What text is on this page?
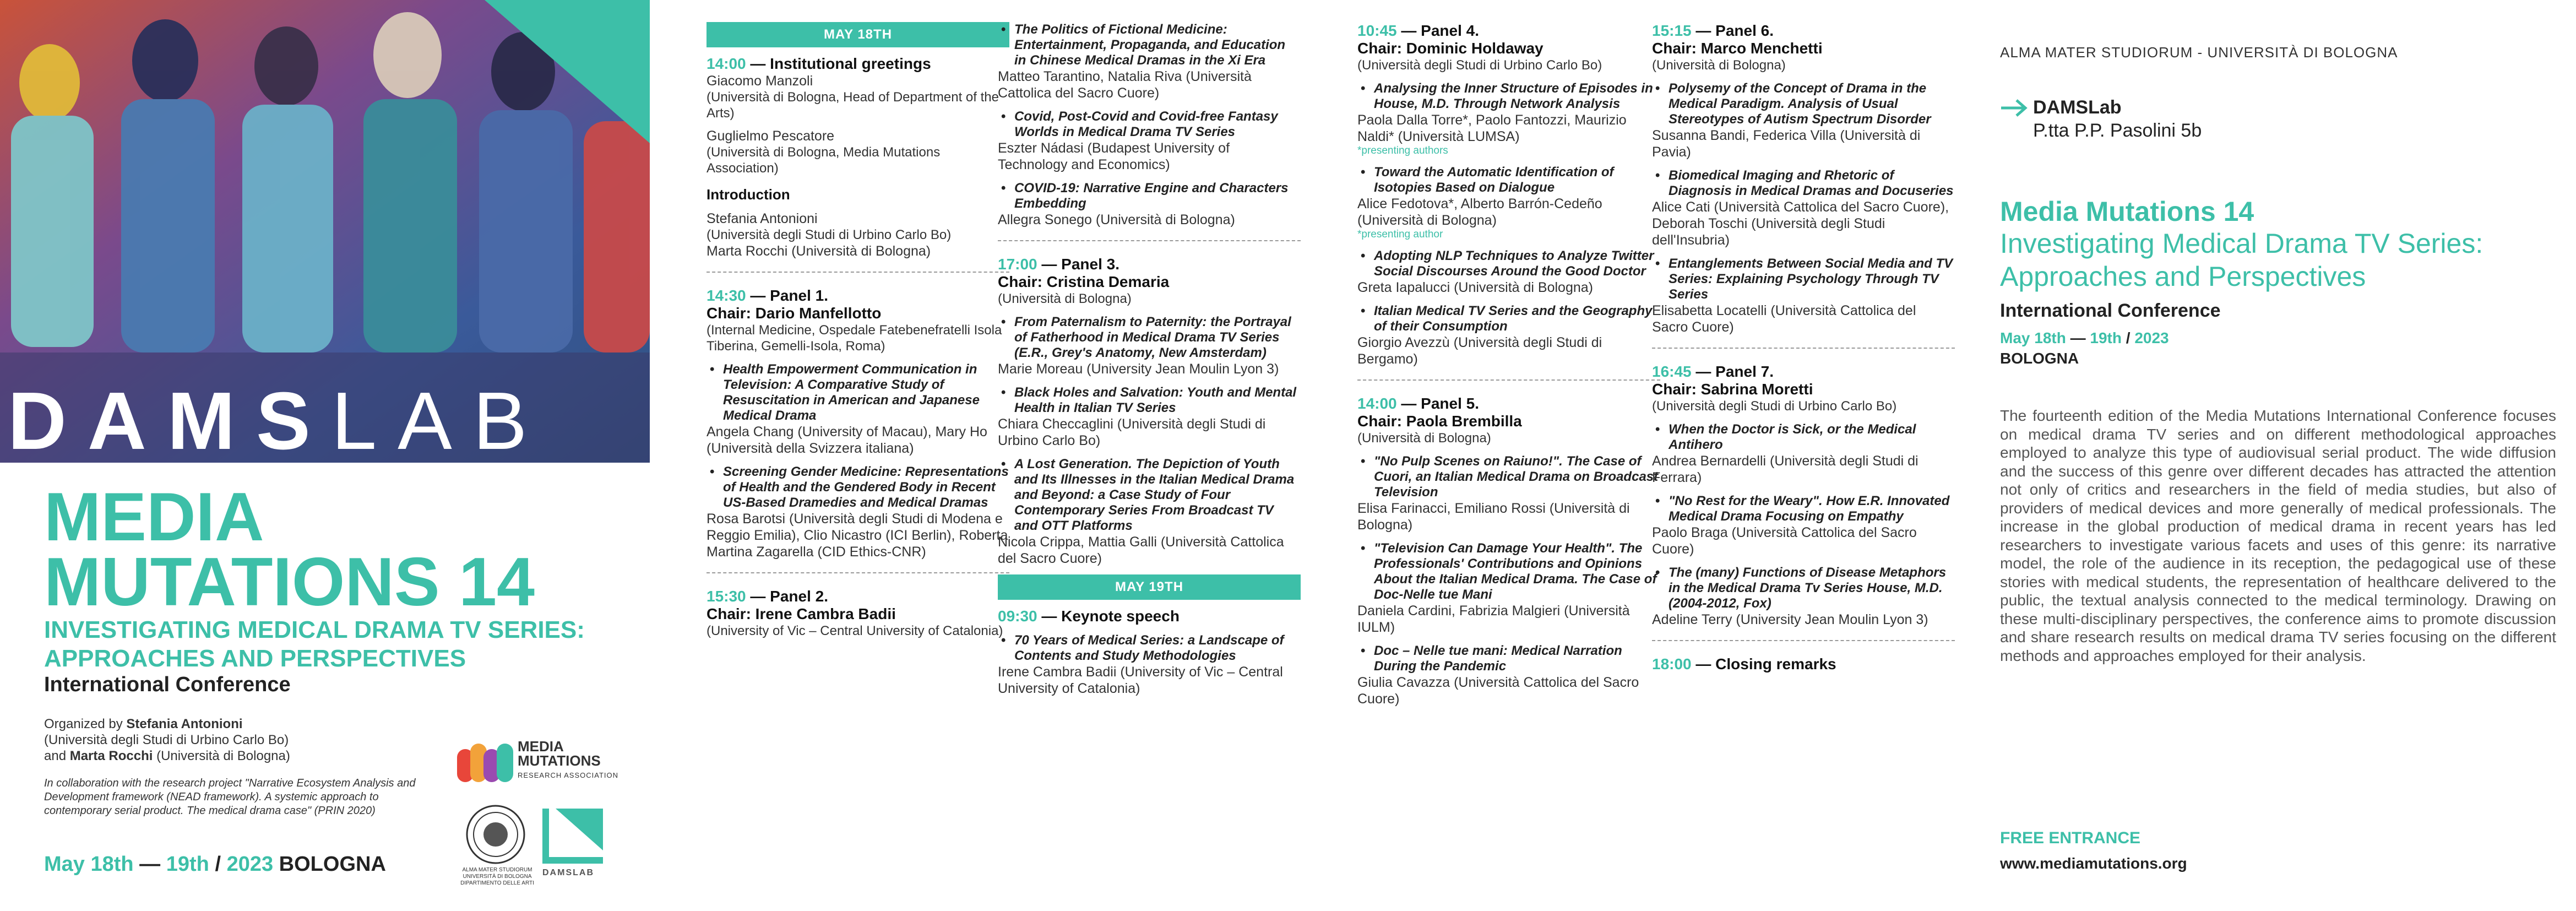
DAMSLAB
MEDIA
MUTATIONS 14
INVESTIGATING MEDICAL DRAMA TV SERIES:
APPROACHES AND PERSPECTIVES
International Conference
Organized by Stefania Antonioni
(Università degli Studi di Urbino Carlo Bo)
and Marta Rocchi (Università di Bologna)
In collaboration with the research project "Narrative Ecosystem Analysis and Development framework (NEAD framework). A systemic approach to contemporary serial product. The medical drama case" (PRIN 2020)
May 18th — 19th / 2023 BOLOGNA
MEDIA
MUTATIONS
RESEARCH ASSOCIATION
ALMA MATER STUDIORUM UNIVERSITÀ DI BOLOGNA DIPARTIMENTO DELLE ARTI
DAMSLAB
MAY 18TH
14:00 — Institutional greetings
Giacomo Manzoli
(Università di Bologna, Head of Department of the Arts)
Guglielmo Pescatore
(Università di Bologna, Media Mutations Association)
Introduction
Stefania Antonioni
(Università degli Studi di Urbino Carlo Bo)
Marta Rocchi (Università di Bologna)
14:30 — Panel 1.
Chair: Dario Manfellotto
(Internal Medicine, Ospedale Fatebenefratelli Isola Tiberina, Gemelli-Isola, Roma)
• Health Empowerment Communication in Television: A Comparative Study of Resuscitation in American and Japanese Medical Drama
Angela Chang (University of Macau), Mary Ho (Università della Svizzera italiana)
• Screening Gender Medicine: Representations of Health and the Gendered Body in Recent US-Based Dramedies and Medical Dramas
Rosa Barotsi (Università degli Studi di Modena e Reggio Emilia), Clio Nicastro (ICI Berlin), Roberta Martina Zagarella (CID Ethics-CNR)
15:30 — Panel 2.
Chair: Irene Cambra Badii
(University of Vic – Central University of Catalonia)
• The Politics of Fictional Medicine: Entertainment, Propaganda, and Education in Chinese Medical Dramas in the Xi Era
Matteo Tarantino, Natalia Riva (Università Cattolica del Sacro Cuore)
• Covid, Post-Covid and Covid-free Fantasy Worlds in Medical Drama TV Series
Eszter Nádasi (Budapest University of Technology and Economics)
• COVID-19: Narrative Engine and Characters Embedding
Allegra Sonego (Università di Bologna)
17:00 — Panel 3.
Chair: Cristina Demaria
(Università di Bologna)
• From Paternalism to Paternity: the Portrayal of Fatherhood in Medical Drama TV Series (E.R., Grey's Anatomy, New Amsterdam)
Marie Moreau (University Jean Moulin Lyon 3)
• Black Holes and Salvation: Youth and Mental Health in Italian TV Series
Chiara Checcaglini (Università degli Studi di Urbino Carlo Bo)
• A Lost Generation. The Depiction of Youth and Its Illnesses in the Italian Medical Drama and Beyond: a Case Study of Four Contemporary Series From Broadcast TV and OTT Platforms
Nicola Crippa, Mattia Galli (Università Cattolica del Sacro Cuore)
MAY 19TH
09:30 — Keynote speech
• 70 Years of Medical Series: a Landscape of Contents and Study Methodologies
Irene Cambra Badii (University of Vic – Central University of Catalonia)
10:45 — Panel 4.
Chair: Dominic Holdaway
(Università degli Studi di Urbino Carlo Bo)
• Analysing the Inner Structure of Episodes in House, M.D. Through Network Analysis
Paola Dalla Torre*, Paolo Fantozzi, Maurizio Naldi* (Università LUMSA)
*presenting authors
• Toward the Automatic Identification of Isotopies Based on Dialogue
Alice Fedotova*, Alberto Barrón-Cedeño (Università di Bologna)
*presenting author
• Adopting NLP Techniques to Analyze Twitter Social Discourses Around the Good Doctor
Greta Iapalucci (Università di Bologna)
• Italian Medical TV Series and the Geography of their Consumption
Giorgio Avezzù (Università degli Studi di Bergamo)
14:00 — Panel 5.
Chair: Paola Brembilla
(Università di Bologna)
• "No Pulp Scenes on Raiuno!". The Case of Cuori, an Italian Medical Drama on Broadcast Television
Elisa Farinacci, Emiliano Rossi (Università di Bologna)
• "Television Can Damage Your Health". The Professionals' Contributions and Opinions About the Italian Medical Drama. The Case of Doc-Nelle tue Mani
Daniela Cardini, Fabrizia Malgieri (Università IULM)
• Doc – Nelle tue mani: Medical Narration During the Pandemic
Giulia Cavazza (Università Cattolica del Sacro Cuore)
15:15 — Panel 6.
Chair: Marco Menchetti
(Università di Bologna)
• Polysemy of the Concept of Drama in the Medical Paradigm. Analysis of Usual Stereotypes of Autism Spectrum Disorder
Susanna Bandi, Federica Villa (Università di Pavia)
• Biomedical Imaging and Rhetoric of Diagnosis in Medical Dramas and Docuseries
Alice Cati (Università Cattolica del Sacro Cuore), Deborah Toschi (Università degli Studi dell'Insubria)
• Entanglements Between Social Media and TV Series: Explaining Psychology Through TV Series
Elisabetta Locatelli (Università Cattolica del Sacro Cuore)
16:45 — Panel 7.
Chair: Sabrina Moretti
(Università degli Studi di Urbino Carlo Bo)
• When the Doctor is Sick, or the Medical Antihero
Andrea Bernardelli (Università degli Studi di Ferrara)
• "No Rest for the Weary". How E.R. Innovated Medical Drama Focusing on Empathy
Paolo Braga (Università Cattolica del Sacro Cuore)
• The (many) Functions of Disease Metaphors in the Medical Drama Tv Series House, M.D. (2004-2012, Fox)
Adeline Terry (University Jean Moulin Lyon 3)
18:00 — Closing remarks
ALMA MATER STUDIORUM - UNIVERSITÀ DI BOLOGNA
DAMSLab
P.tta P.P. Pasolini 5b
Media Mutations 14
Investigating Medical Drama TV Series: Approaches and Perspectives
International Conference
May 18th — 19th / 2023
BOLOGNA
The fourteenth edition of the Media Mutations International Conference focuses on medical drama TV series and on different methodological approaches employed to analyze this type of audiovisual serial product. The wide diffusion and the success of this genre over different decades has attracted the attention not only of critics and researchers in the field of media studies, but also of providers of medical devices and more generally of medical professionals. The increase in the global production of medical drama in recent years has led researchers to investigate various facets and uses of this genre: its narrative model, the role of the audience in its reception, the pedagogical use of these stories with medical students, the representation of healthcare delivered to the public, the textual analysis connected to the medical terminology. Drawing on these multi-disciplinary perspectives, the conference aims to promote discussion and share research results on medical drama TV series focusing on the different methods and approaches employed for their analysis.
FREE ENTRANCE
www.mediamutations.org
